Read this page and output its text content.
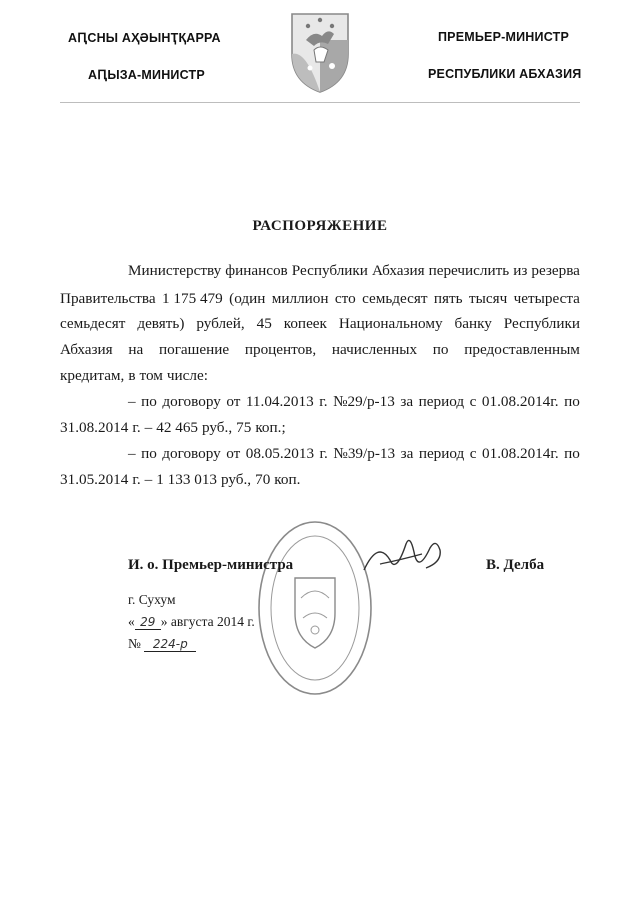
АԤСНЫ АҲӘЫНҬҚАРРА
АԤЫЗА-МИНИСТР
ПРЕМЬЕР-МИНИСТР
РЕСПУБЛИКИ АБХАЗИЯ
РАСПОРЯЖЕНИЕ
Министерству финансов Республики Абхазия перечислить из резерва
Правительства 1 175 479 (один миллион сто семьдесят пять тысяч четыреста
семьдесят девять) рублей, 45 копеек Национальному банку Республики
Абхазия на погашение процентов, начисленных по предоставленным
кредитам, в том числе:
– по договору от 11.04.2013 г. №29/р-13 за период с 01.08.2014г. по
31.08.2014 г. – 42 465 руб., 75 коп.;
– по договору от 08.05.2013 г. №39/р-13 за период с 01.08.2014г. по
31.05.2014 г. – 1 133 013 руб., 70 коп.
И. о. Премьер-министра	В. Делба
г. Сухум
« 29 » августа 2014 г.
№ 224-р
